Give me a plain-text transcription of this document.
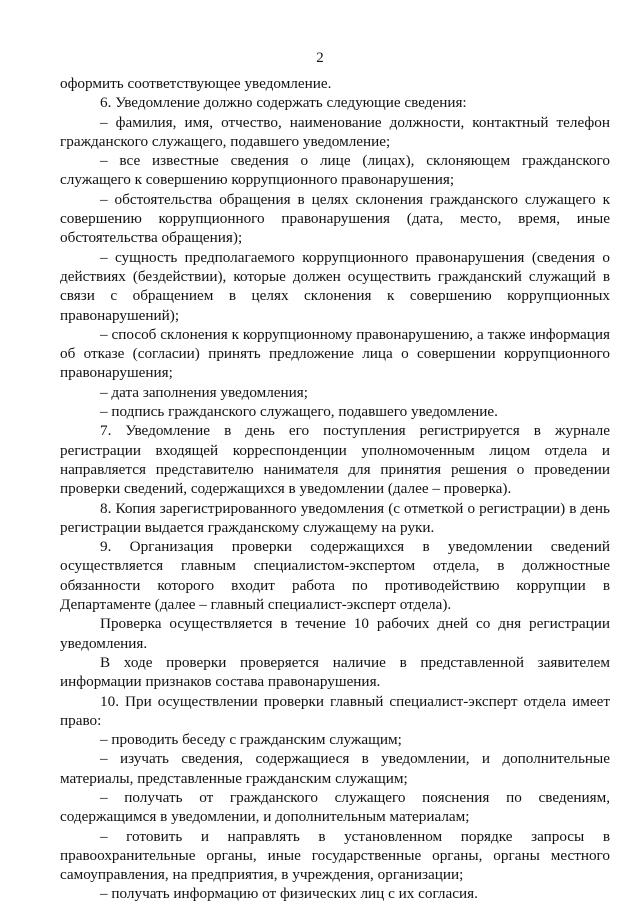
2

оформить соответствующее уведомление.

6. Уведомление должно содержать следующие сведения:

– фамилия, имя, отчество, наименование должности, контактный телефон гражданского служащего, подавшего уведомление;

– все известные сведения о лице (лицах), склоняющем гражданского служащего к совершению коррупционного правонарушения;

– обстоятельства обращения в целях склонения гражданского служащего к совершению коррупционного правонарушения (дата, место, время, иные обстоятельства обращения);

– сущность предполагаемого коррупционного правонарушения (сведения о действиях (бездействии), которые должен осуществить гражданский служащий в связи с обращением в целях склонения к совершению коррупционных правонарушений);

– способ склонения к коррупционному правонарушению, а также информация об отказе (согласии) принять предложение лица о совершении коррупционного правонарушения;

– дата заполнения уведомления;

– подпись гражданского служащего, подавшего уведомление.

7. Уведомление в день его поступления регистрируется в журнале регистрации входящей корреспонденции уполномоченным лицом отдела и направляется представителю нанимателя для принятия решения о проведении проверки сведений, содержащихся в уведомлении (далее – проверка).

8. Копия зарегистрированного уведомления (с отметкой о регистрации) в день регистрации выдается гражданскому служащему на руки.

9. Организация проверки содержащихся в уведомлении сведений осуществляется главным специалистом-экспертом отдела, в должностные обязанности которого входит работа по противодействию коррупции в Департаменте (далее – главный специалист-эксперт отдела).

Проверка осуществляется в течение 10 рабочих дней со дня регистрации уведомления.

В ходе проверки проверяется наличие в представленной заявителем информации признаков состава правонарушения.

10. При осуществлении проверки главный специалист-эксперт отдела имеет право:

– проводить беседу с гражданским служащим;

– изучать сведения, содержащиеся в уведомлении, и дополнительные материалы, представленные гражданским служащим;

– получать от гражданского служащего пояснения по сведениям, содержащимся в уведомлении, и дополнительным материалам;

– готовить и направлять в установленном порядке запросы в правоохранительные органы, иные государственные органы, органы местного самоуправления, на предприятия, в учреждения, организации;

– получать информацию от физических лиц с их согласия.
